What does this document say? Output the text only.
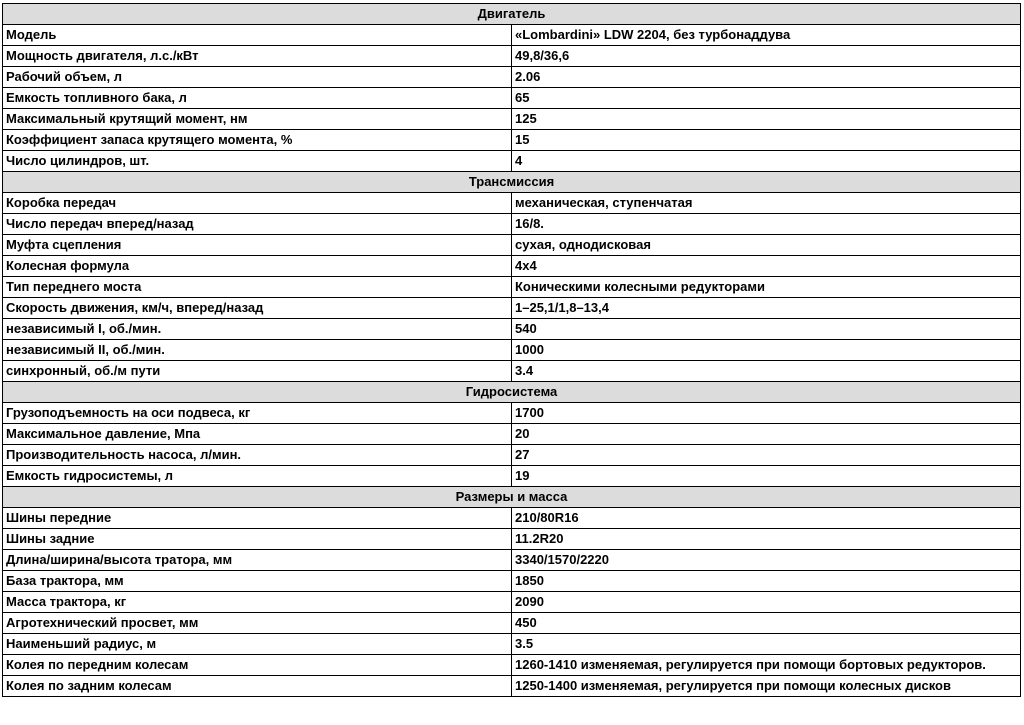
Двигатель	
Модель	«Lombardini» LDW 2204, без турбонаддува
Мощность двигателя, л.с./кВт	49,8/36,6
Рабочий объем, л	2.06
Емкость топливного бака, л	65
Максимальный крутящий момент, нм	125
Коэффициент запаса крутящего момента, %	15
Число цилиндров, шт.	4
Трансмиссия	
Коробка передач	механическая, ступенчатая
Число передач вперед/назад	16/8.
Муфта сцепления	сухая, однодисковая
Колесная формула	4x4
Тип переднего моста	Коническими колесными редукторами
Скорость движения, км/ч, вперед/назад	1–25,1/1,8–13,4
независимый I, об./мин.	540
независимый II, об./мин.	1000
синхронный, об./м пути	3.4
Гидросистема	
Грузоподъемность на оси подвеса, кг	1700
Максимальное давление, Мпа	20
Производительность насоса, л/мин.	27
Емкость гидросистемы, л	19
Размеры и масса	
Шины передние	210/80R16
Шины задние	11.2R20
Длина/ширина/высота тратора, мм	3340/1570/2220
База трактора, мм	1850
Масса трактора, кг	2090
Агротехнический просвет, мм	450
Наименьший радиус, м	3.5
Колея по передним колесам	1260-1410 изменяемая, регулируется при помощи бортовых редукторов.
Колея по задним колесам	1250-1400 изменяемая, регулируется при помощи колесных дисков
